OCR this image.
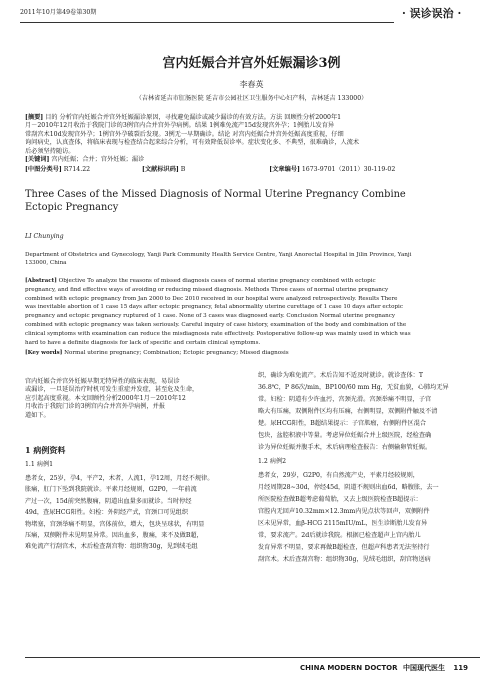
2011年10月第49卷第30期	· 误诊误治 ·
宫内妊娠合并宫外妊娠漏诊3例
李春英
（吉林省延吉市肛肠医院 延吉市公园社区卫生服务中心妇产科，吉林延吉 133000）
[摘要] 目的 分析宫内妊娠合并宫外妊娠漏诊原因，寻找避免漏诊或减少漏诊的有效方法。方法 回顾性分析2000年1
月－2010年12月收治于我院门诊的3例宫内合并宫外孕病例。结果 1例难免流产15d发现宫外孕；1例胎儿发育异
常刮宫术10d发现宫外孕；1例宫外孕破裂后发现。3例无一早期确诊。结论 对宫内妊娠合并宫外妊娠高度重视，仔细
询问病史，认真查体，将临床表现与检查结合起来综合分析，可有效降低误诊率。症状变化多、不典型，很难确诊，人流术
后必须坚持随访。
[关键词] 宫内妊娠；合并；宫外妊娠；漏诊
[中图分类号] R714.22	[文献标识码] B	[文章编号] 1673-9701（2011）30-119-02
Three Cases of the Missed Diagnosis of Normal Uterine Pregnancy Combine
Ectopic Pregnancy
LI Chunying
Department of Obstetrics and Gynecology, Yanji Park Community Health Service Centre, Yanji Anorectal Hospital in Jilin Province, Yanji
133000, China
[Abstract] Objective To analyze the reasons of missed diagnosis cases of normal uterine pregnancy combined with ectopic
pregnancy, and find effective ways of avoiding or reducing missed diagnosis. Methods Three cases of normal uterine pregnancy
combined with ectopic pregnancy from Jan 2000 to Dec 2010 received in our hospital were analyzed retrospectively. Results There
was inevitable abortion of 1 case 15 days after ectopic pregnancy, fetal abnormality uterine curettage of 1 case 10 days after ectopic
pregnancy and ectopic pregnancy ruptured of 1 case. None of 3 cases was diagnosed early. Conclusion Normal uterine pregnancy
combined with ectopic pregnancy was taken seriously. Careful inquiry of case history, examination of the body and combination of the
clinical symptoms with examination can reduce the misdiagnosis rate effectively. Postoperative follow-up was mainly used in which was
hard to have a definite diagnosis for lack of specific and certain clinical symptoms.
[Key words] Normal uterine pregnancy; Combination; Ectopic pregnancy; Missed diagnosis
宫内妊娠合并宫外妊娠早期无特异性的临床表现，易误诊
或漏诊，一旦延误治疗时机可发生重症并发症，甚至危及生命，
应引起高度重视。本文回顾性分析2000年1月－2010年12
月收治于我院门诊的3例宫内合并宫外孕病例，并报
道如下。
1 病例资料
1.1 病例1
患者女，25岁，孕4，平产2，术者，人流1，孕12周，月经不规律。
胀痛，肛门下坠到我院就诊。平素月经规则，G2P0，一年前流
产过一次，15d前突然腹痛，阴道出血量多而就诊。当时停经
49d，查尿HCG阳性。妇检：外阴经产式，宫颈口可见组织
物堵塞，宫颈举痛不明显，宫体前位，增大，包块呈球状，有明显
压痛，双侧附件未见明显异常。因出血多，腹痛，来不及做B超，
难免流产行刮宫术，术后检查刮宫物：组织物30g，见到绒毛组
织，确诊为难免流产。术后告知不适及时就诊。就诊查体：T
36.8℃，P 86次/min，BP100/60 mm Hg，无贫血貌，心肺均无异
常。妇检：阴道有少许血污，宫颈光滑。宫颈举痛不明显，子宫
略大有压痛，双侧附件区均有压痛，右侧明显，双侧附件触及不清
楚。尿HCG阳性，B超结果提示：子宫肌瘤，右侧附件区混合
包块，盆腔积液中等量。考虑异位妊娠合并上级医院，经检查确
诊为异位妊娠并腹手术，术后病理检查报告：右侧输卵管妊娠。
1.2 病例2
患者女，29岁，G2P0，有自然流产史，平素月经较规则，
月经周期28~30d，停经45d，阴道不规则出血6d，略腹胀，去一
所医院检查做B超考虑葡萄胎，又去上级医院检查B超提示：
宫腔内无回声10.32mm×12.3mm内见点状等回声，双侧附件
区未见异常，血β-HCG 2115mIU/mL，医生诊断胎儿发育异
常，要求流产。2d后就诊我院。根据已检查超声上宫内胎儿
发育异常不明显，要求再做B超检查，但超声科患者无法坚持行
刮宫术。术后查刮宫物：组织物30g，见绒毛组织，刮宫物送病
CHINA MODERN DOCTOR 中国现代医生 119
